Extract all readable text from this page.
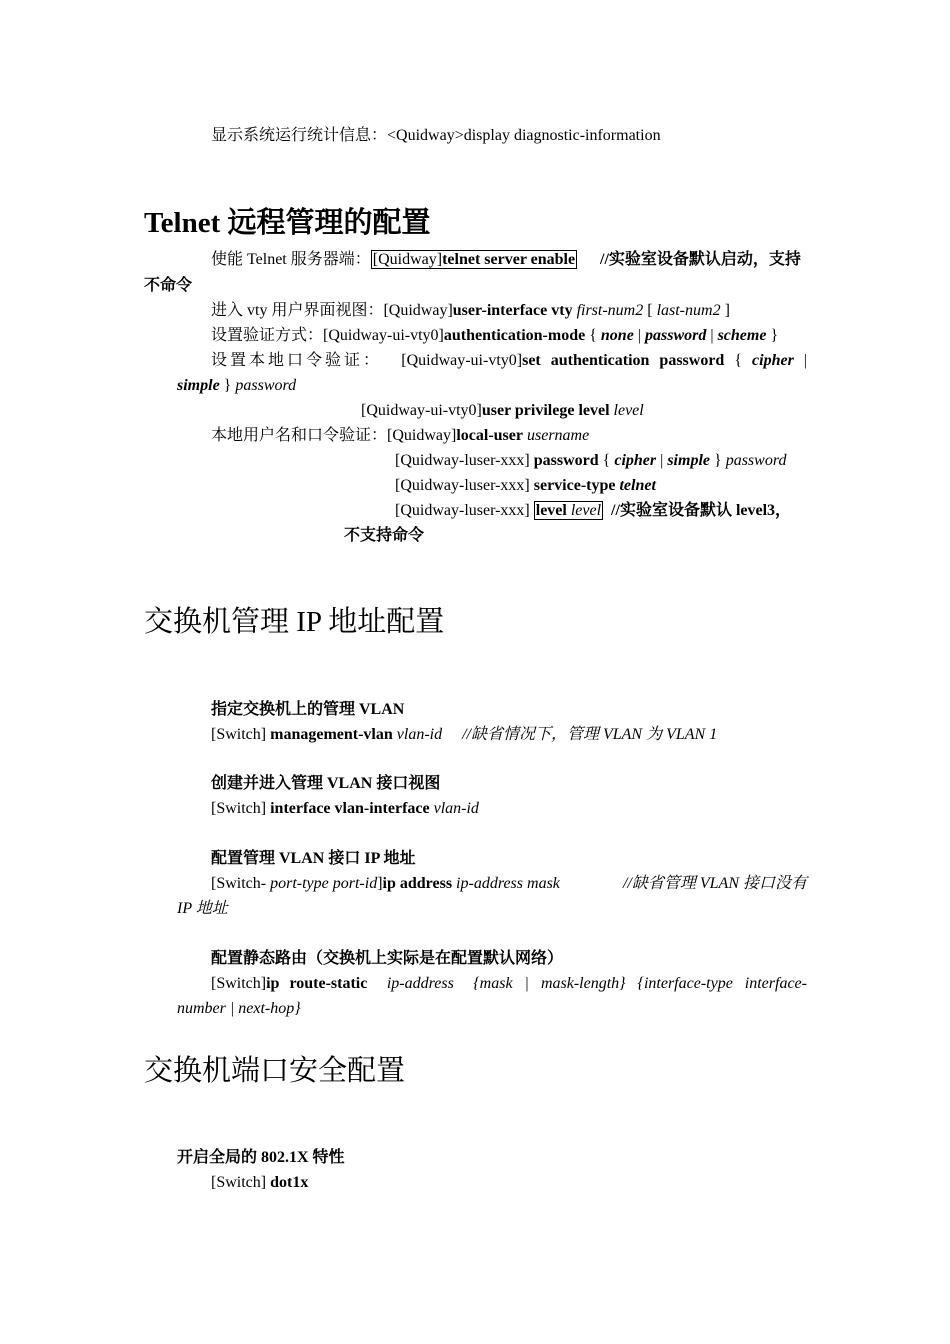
显示系统运行统计信息：<Quidway>display diagnostic-information
Telnet 远程管理的配置
使能 Telnet 服务器端： [Quidway]telnet server enable //实验室设备默认启动，支持
不命令
进入 vty 用户界面视图：[Quidway]user-interface vty first-num2 [ last-num2 ]
设置验证方式：[Quidway-ui-vty0]authentication-mode { none | password | scheme }
设置本地口令验证： [Quidway-ui-vty0]set authentication password { cipher |
simple } password
[Quidway-ui-vty0]user privilege level level
本地用户名和口令验证：[Quidway]local-user username
[Quidway-luser-xxx] password { cipher | simple } password
[Quidway-luser-xxx] service-type telnet
[Quidway-luser-xxx] level level //实验室设备默认 level3，
不支持命令
交换机管理 IP 地址配置
指定交换机上的管理 VLAN
[Switch] management-vlan vlan-id //缺省情况下，管理 VLAN 为 VLAN 1
创建并进入管理 VLAN 接口视图
[Switch] interface vlan-interface vlan-id
配置管理 VLAN 接口 IP 地址
[Switch- port-type port-id]ip address ip-address mask	//缺省管理 VLAN 接口没有
IP 地址
配置静态路由（交换机上实际是在配置默认网络）
[Switch]ip route-static ip-address {mask | mask-length} {interface-type interface-
number | next-hop}
交换机端口安全配置
开启全局的 802.1X 特性
[Switch] dot1x
